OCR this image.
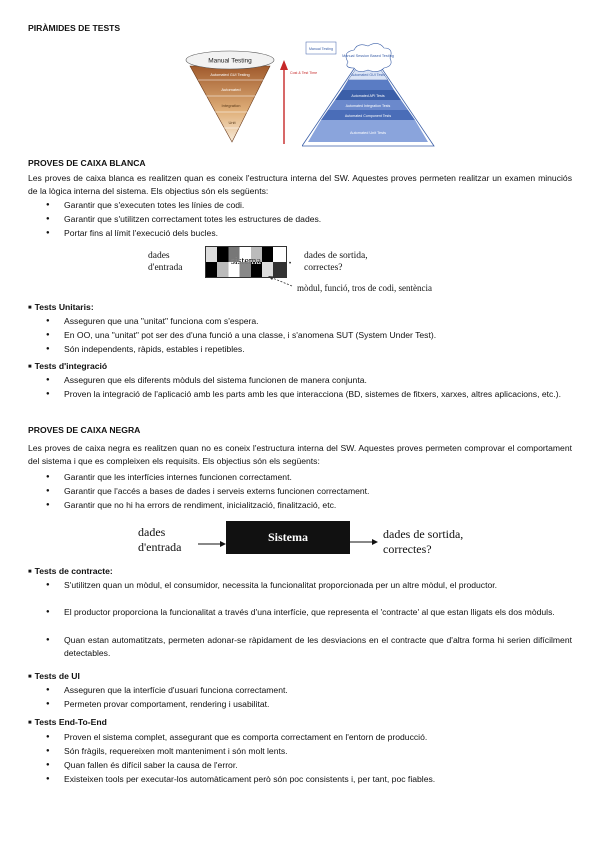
PIRÀMIDES DE TESTS
Manual Testing
Automated GUI Testing
Automated
Integration
Unit
Cost & Test Time
Manual Session Based Testing
Automated GUI Tests
Automated API Tests
Automated Integration Tests
Automated Component Tests
Automated Unit Tests
Manual Testing
PROVES DE CAIXA BLANCA
Les proves de caixa blanca es realitzen quan es coneix l'estructura interna del SW. Aquestes proves permeten realitzar un examen minuciós de la lògica interna del sistema. Els objectius són els següents:
● Garantir que s'executen totes les línies de codi.
● Garantir que s'utilitzen correctament totes les estructures de dades.
● Portar fins al límit l'execució dels bucles.
dades
d'entrada
sistema	•
dades de sortida,
correctes?
mòdul, funció, tros de codi, sentència
■ Tests Unitaris:
● Asseguren que una "unitat" funciona com s'espera.
● En OO, una "unitat" pot ser des d'una funció a una classe, i s'anomena SUT (System Under Test).
● Són independents, ràpids, estables i repetibles.
■ Tests d'integració
● Asseguren que els diferents mòduls del sistema funcionen de manera conjunta.
● Proven la integració de l'aplicació amb les parts amb les que interacciona (BD, sistemes de fitxers, xarxes, altres aplicacions, etc.).
PROVES DE CAIXA NEGRA
Les proves de caixa negra es realitzen quan no es coneix l'estructura interna del SW. Aquestes proves permeten comprovar el comportament del sistema i que es compleixen els requisits. Els objectius són els següents:
● Garantir que les interfícies internes funcionen correctament.
● Garantir que l'accés a bases de dades i serveis externs funcionen correctament.
● Garantir que no hi ha errors de rendiment, inicialització, finalització, etc.
dades
d'entrada
Sistema	dades de sortida,
correctes?
■ Tests de contracte:
● S'utilitzen quan un mòdul, el consumidor, necessita la funcionalitat proporcionada per un altre mòdul, el productor.
● El productor proporciona la funcionalitat a través d'una interfície, que representa el 'contracte' al que estan lligats els dos mòduls.
● Quan estan automatitzats, permeten adonar-se ràpidament de les desviacions en el contracte que d'altra forma hi serien difícilment detectables.
■ Tests de UI
● Asseguren que la interfície d'usuari funciona correctament.
● Permeten provar comportament, rendering i usabilitat.
■ Tests End-To-End
● Proven el sistema complet, assegurant que es comporta correctament en l'entorn de producció.
● Són fràgils, requereixen molt manteniment i són molt lents.
● Quan fallen és difícil saber la causa de l'error.
● Existeixen tools per executar-los automàticament però són poc consistents i, per tant, poc fiables.
